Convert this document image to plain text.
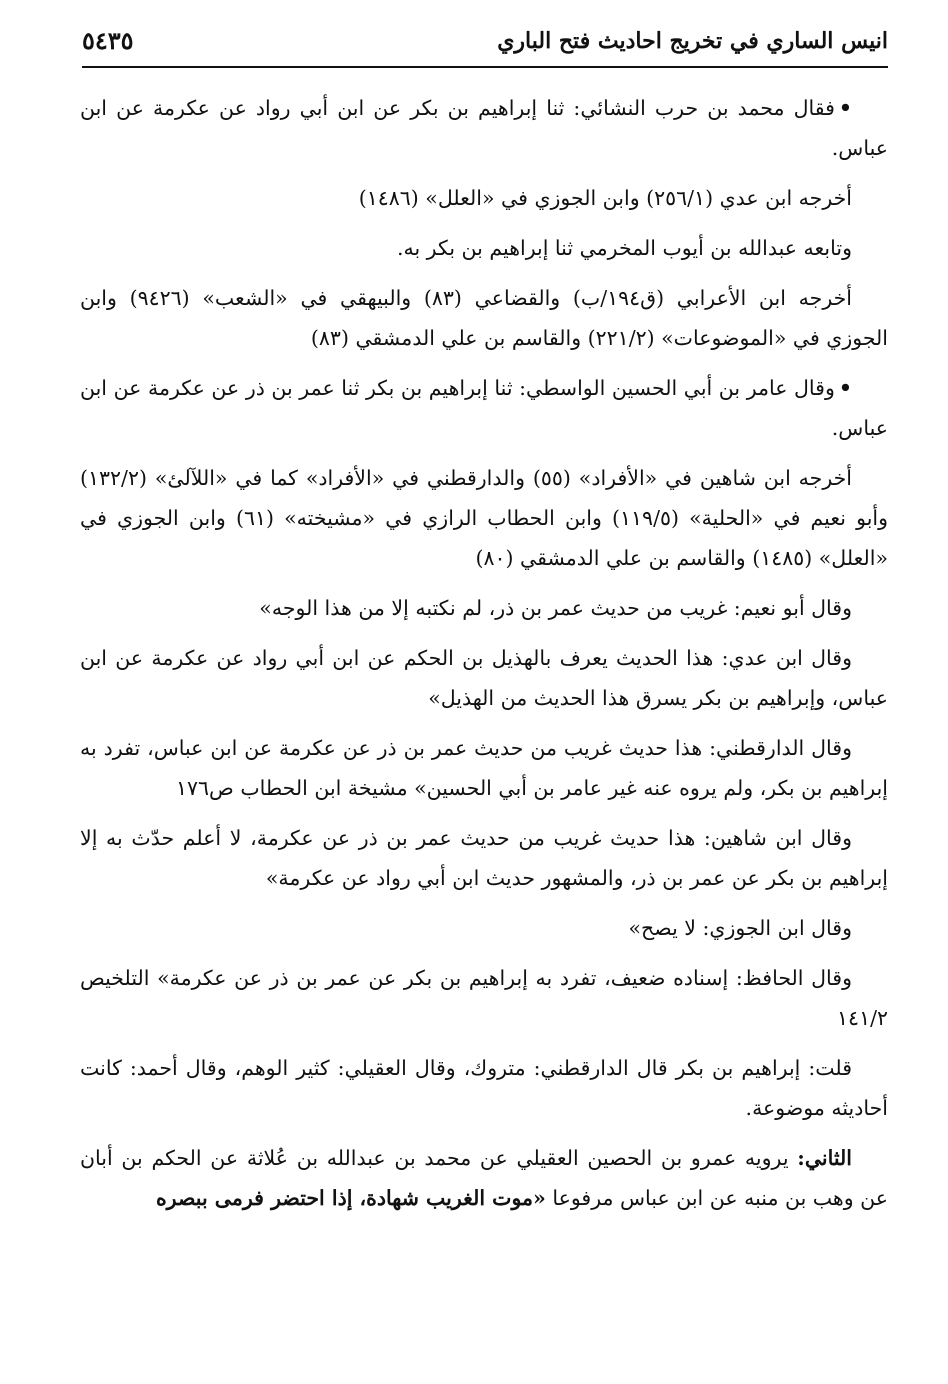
انيس الساري في تخريج احاديث فتح الباري
٥٤٣٥

•فقال محمد بن حرب النشائي: ثنا إبراهيم بن بكر عن ابن أبي رواد عن عكرمة عن ابن عباس.

أخرجه ابن عدي (٢٥٦/١) وابن الجوزي في «العلل» (١٤٨٦)

وتابعه عبدالله بن أيوب المخرمي ثنا إبراهيم بن بكر به.

أخرجه ابن الأعرابي (ق١٩٤/ب) والقضاعي (٨٣) والبيهقي في «الشعب» (٩٤٢٦) وابن الجوزي في «الموضوعات» (٢٢١/٢) والقاسم بن علي الدمشقي (٨٣)

•وقال عامر بن أبي الحسين الواسطي: ثنا إبراهيم بن بكر ثنا عمر بن ذر عن عكرمة عن ابن عباس.

أخرجه ابن شاهين في «الأفراد» (٥٥) والدارقطني في «الأفراد» كما في «اللآلئ» (١٣٢/٢) وأبو نعيم في «الحلية» (١١٩/٥) وابن الحطاب الرازي في «مشيخته» (٦١) وابن الجوزي في «العلل» (١٤٨٥) والقاسم بن علي الدمشقي (٨٠)

وقال أبو نعيم: غريب من حديث عمر بن ذر، لم نكتبه إلا من هذا الوجه»

وقال ابن عدي: هذا الحديث يعرف بالهذيل بن الحكم عن ابن أبي رواد عن عكرمة عن ابن عباس، وإبراهيم بن بكر يسرق هذا الحديث من الهذيل»

وقال الدارقطني: هذا حديث غريب من حديث عمر بن ذر عن عكرمة عن ابن عباس، تفرد به إبراهيم بن بكر، ولم يروه عنه غير عامر بن أبي الحسين» مشيخة ابن الحطاب ص١٧٦

وقال ابن شاهين: هذا حديث غريب من حديث عمر بن ذر عن عكرمة، لا أعلم حدّث به إلا إبراهيم بن بكر عن عمر بن ذر، والمشهور حديث ابن أبي رواد عن عكرمة»

وقال ابن الجوزي: لا يصح»

وقال الحافظ: إسناده ضعيف، تفرد به إبراهيم بن بكر عن عمر بن ذر عن عكرمة» التلخيص ١٤١/٢

قلت: إبراهيم بن بكر قال الدارقطني: متروك، وقال العقيلي: كثير الوهم، وقال أحمد: كانت أحاديثه موضوعة.

الثاني: يرويه عمرو بن الحصين العقيلي عن محمد بن عبدالله بن عُلاثة عن الحكم بن أبان عن وهب بن منبه عن ابن عباس مرفوعا «موت الغريب شهادة، إذا احتضر فرمى ببصره
